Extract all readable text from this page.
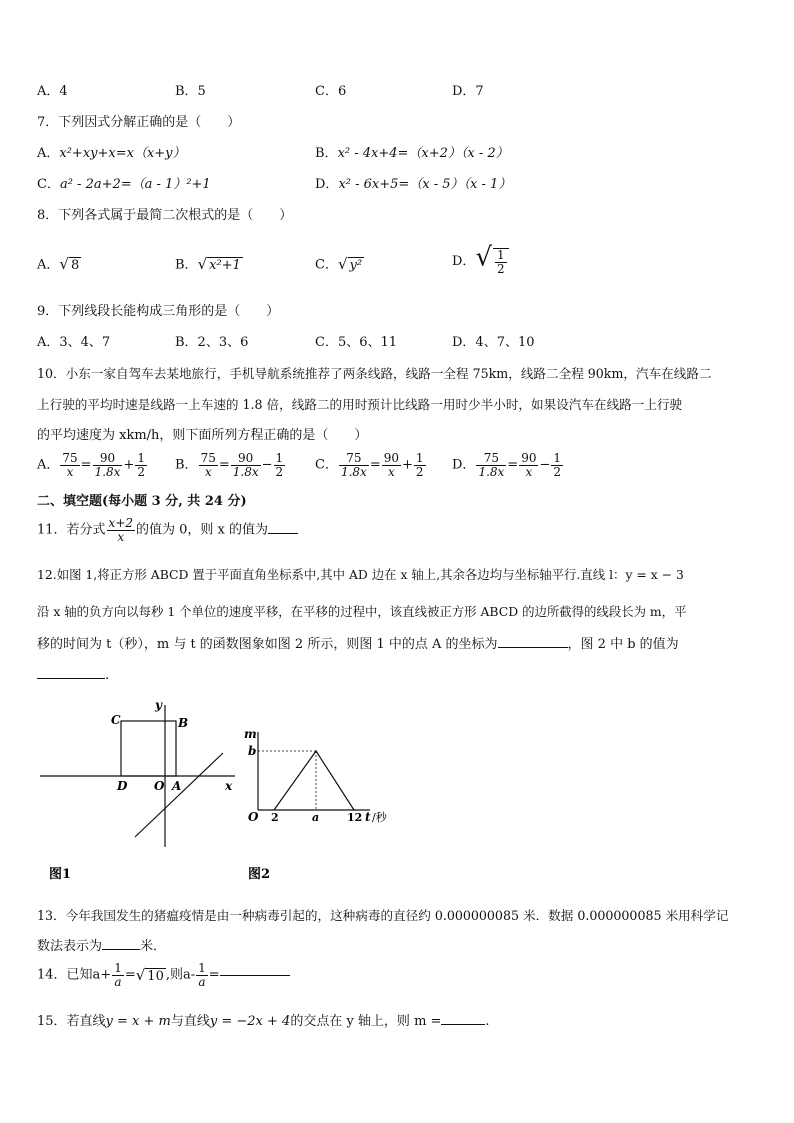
A．4	B．5	C．6	D．7
7．下列因式分解正确的是（　　）
A．x²+xy+x=x（x+y）	B．x² - 4x+4=（x+2）（x - 2）
C．a² - 2a+2=（a - 1）²+1	D．x² - 6x+5=（x - 5）（x - 1）
8．下列各式属于最简二次根式的是（　　）
A．√ 8	B．√ x²+1	C．√ y²	D．√ $\frac{1}{2}$
9．下列线段长能构成三角形的是（　　）
A．3、4、7	B．2、3、6	C．5、6、11	D．4、7、10
10．小东一家自驾车去某地旅行，手机导航系统推荐了两条线路，线路一全程 75km，线路二全程 90km，汽车在线路二
上行驶的平均时速是线路一上车速的 1.8 倍，线路二的用时预计比线路一用时少半小时，如果设汽车在线路一上行驶
的平均速度为 xkm/h，则下面所列方程正确的是（　　）
A． $\frac{75}{x} = \frac{90}{1.8x} + \frac{1}{2}$ B． $\frac{75}{x} = \frac{90}{1.8x} - \frac{1}{2}$ C． $\frac{75}{1.8x} = \frac{90}{x} + \frac{1}{2}$ D． $\frac{75}{1.8x} = \frac{90}{x} - \frac{1}{2}$
二、填空题(每小题 3 分, 共 24 分)
11．若分式 $\frac{x+2}{x}$ 的值为 0，则 x 的值为
12.如图 1,将正方形 ABCD 置于平面直角坐标系中,其中 AD 边在 x 轴上,其余各边均与坐标轴平行.直线 l：y = x − 3
沿 x 轴的负方向以每秒 1 个单位的速度平移，在平移的过程中，该直线被正方形 ABCD 的边所截得的线段长为 m，平
移的时间为 t（秒），m 与 t 的函数图象如图 2 所示，则图 1 中的点 A 的坐标为	，图 2 中 b 的值为
.
C	B
y
D O A	x
图1
m
b
O 2	a	12 t /秒
图2
13．今年我国发生的猪瘟疫情是由一种病毒引起的，这种病毒的直径约 0.000000085 米．数据 0.000000085 米用科学记
数法表示为	米．
14．已知$a+ \frac{1}{a}$ =√ 10 ,则$a- \frac{1}{a}$ =
15．若直线y = x + m与直线y = −2x + 4的交点在 y 轴上，则 m =	.
